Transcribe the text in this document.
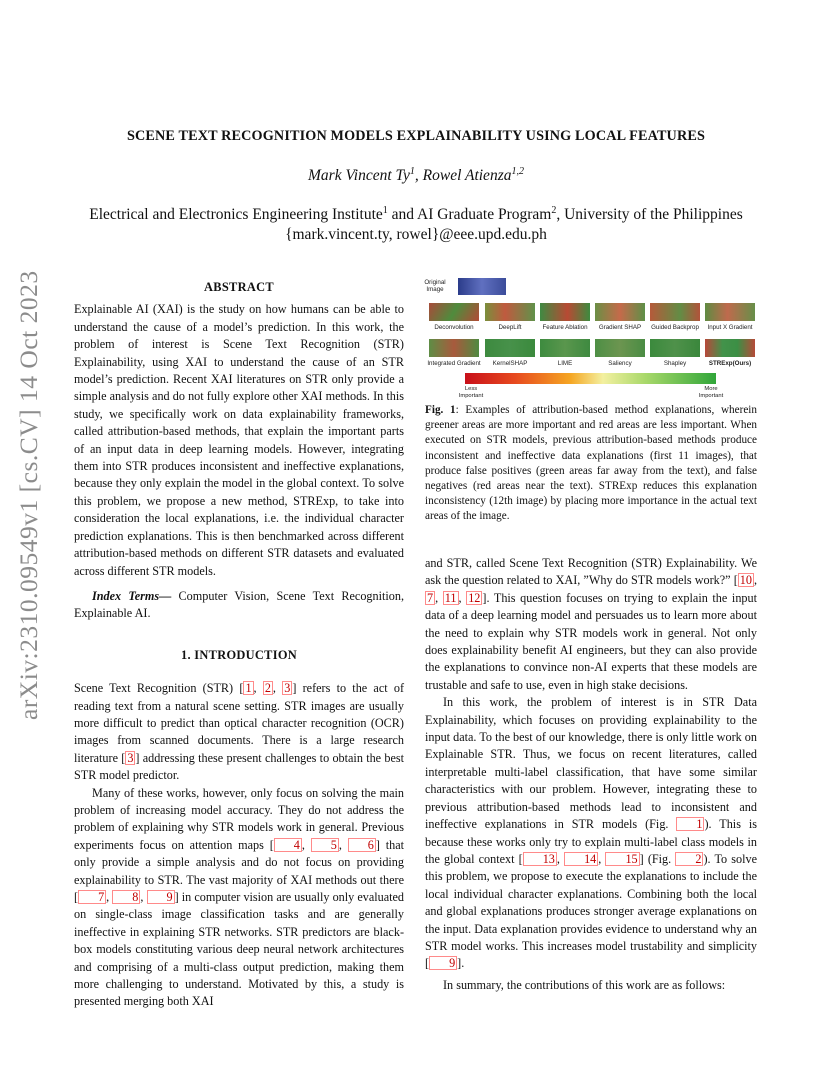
arXiv:2310.09549v1 [cs.CV] 14 Oct 2023
SCENE TEXT RECOGNITION MODELS EXPLAINABILITY USING LOCAL FEATURES
Mark Vincent Ty$^1$, Rowel Atienza$^{1,2}$
Electrical and Electronics Engineering Institute$^1$ and AI Graduate Program$^2$, University of the Philippines
{mark.vincent.ty, rowel}@eee.upd.edu.ph
ABSTRACT

Explainable AI (XAI) is the study on how humans can be able to understand the cause of a model’s prediction. In this work, the problem of interest is Scene Text Recognition (STR) Explainability, using XAI to understand the cause of an STR model’s prediction. Recent XAI literatures on STR only provide a simple analysis and do not fully explore other XAI methods. In this study, we specifically work on data explainability frameworks, called attribution-based methods, that explain the important parts of an input data in deep learning models. However, integrating them into STR produces inconsistent and ineffective explanations, because they only explain the model in the global context. To solve this problem, we propose a new method, STRExp, to take into consideration the local explanations, i.e. the individual character prediction explanations. This is then benchmarked across different attribution-based methods on different STR datasets and evaluated across different STR models.

Index Terms— Computer Vision, Scene Text Recognition, Explainable AI.

1. INTRODUCTION

Scene Text Recognition (STR) [ 1 , 2 , 3 ] refers to the act of reading text from a natural scene setting. STR images are usually more difficult to predict than optical character recognition (OCR) images from scanned documents. There is a large research literature [ 3 ] addressing these present challenges to obtain the best STR model predictor.

Many of these works, however, only focus on solving the main problem of increasing model accuracy. They do not address the problem of explaining why STR models work in general. Previous experiments focus on attention maps [ 4 , 5 , 6 ] that only provide a simple analysis and do not focus on providing explainability to STR. The vast majority of XAI methods out there [ 7 , 8 , 9 ] in computer vision are usually only evaluated on single-class image classification tasks and are generally ineffective in explaining STR networks. STR predictors are black-box models constituting various deep neural network architectures and comprising of a multi-class output prediction, making them more challenging to understand. Motivated by this, a study is presented merging both XAI

Original
Image
Deconvolution	DeepLift	Feature Ablation	Gradient SHAP	Guided Backprop	Input X Gradient
Integrated Gradient	KernelSHAP	LIME	Saliency	Shapley	STRExp(Ours)
Less
Important
More
Important
Fig. 1: Examples of attribution-based method explanations, wherein greener areas are more important and red areas are less important. When executed on STR models, previous attribution-based methods produce inconsistent and ineffective data explanations (first 11 images), that produce false positives (green areas far away from the text), and false negatives (red areas near the text). STRExp reduces this explanation inconsistency (12th image) by placing more importance in the actual text areas of the image.

and STR, called Scene Text Recognition (STR) Explainability. We ask the question related to XAI, ”Why do STR models work?” [ 10 , 7 , 11 , 12 ]. This question focuses on trying to explain the input data of a deep learning model and persuades us to learn more about the need to explain why STR models work in general. Not only does explainability benefit AI engineers, but they can also provide the explanations to convince non-AI experts that these models are trustable and safe to use, even in high stake decisions.

In this work, the problem of interest is in STR Data Explainability, which focuses on providing explainability to the input data. To the best of our knowledge, there is only little work on Explainable STR. Thus, we focus on recent literatures, called interpretable multi-label classification, that have some similar characteristics with our problem. However, integrating these to previous attribution-based methods lead to inconsistent and ineffective explanations in STR models (Fig. 1 ). This is because these works only try to explain multi-label class models in the global context [ 13 , 14 , 15 ] (Fig. 2 ). To solve this problem, we propose to execute the explanations to include the local individual character explanations. Combining both the local and global explanations produces stronger average explanations on the input. Data explanation provides evidence to understand why an STR model works. This increases model trustability and simplicity [ 9 ].

In summary, the contributions of this work are as follows:
